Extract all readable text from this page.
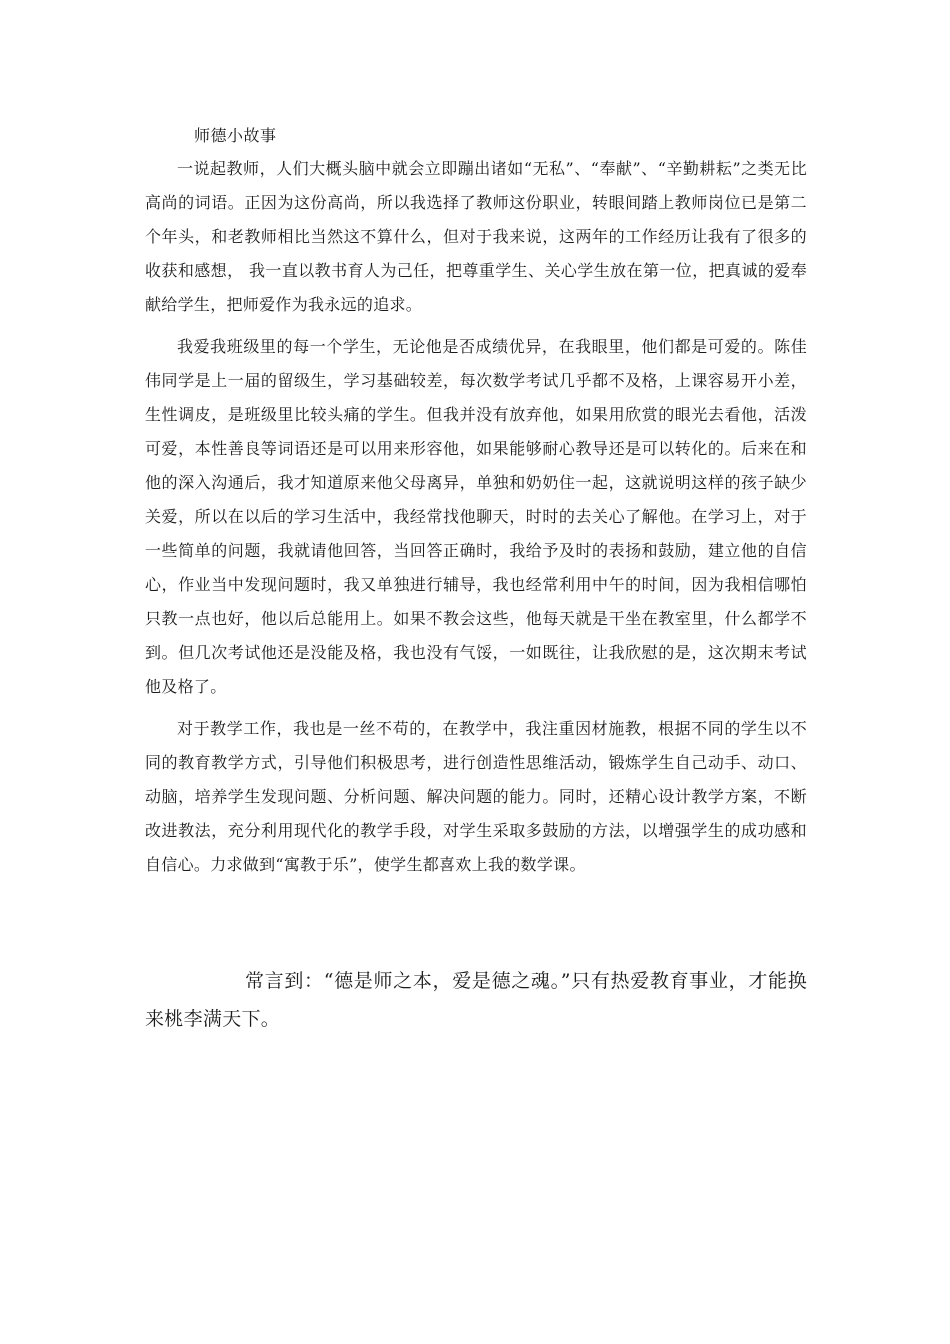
师德小故事

一说起教师，人们大概头脑中就会立即蹦出诸如“无私”、“奉献”、“辛勤耕耘”之类无比高尚的词语。正因为这份高尚，所以我选择了教师这份职业，转眼间踏上教师岗位已是第二个年头，和老教师相比当然这不算什么，但对于我来说，这两年的工作经历让我有了很多的收获和感想， 我一直以教书育人为己任，把尊重学生、关心学生放在第一位，把真诚的爱奉献给学生，把师爱作为我永远的追求。

我爱我班级里的每一个学生，无论他是否成绩优异，在我眼里，他们都是可爱的。陈佳伟同学是上一届的留级生，学习基础较差，每次数学考试几乎都不及格，上课容易开小差，生性调皮，是班级里比较头痛的学生。但我并没有放弃他，如果用欣赏的眼光去看他，活泼可爱，本性善良等词语还是可以用来形容他，如果能够耐心教导还是可以转化的。后来在和他的深入沟通后，我才知道原来他父母离异，单独和奶奶住一起，这就说明这样的孩子缺少关爱，所以在以后的学习生活中，我经常找他聊天，时时的去关心了解他。在学习上，对于一些简单的问题，我就请他回答，当回答正确时，我给予及时的表扬和鼓励，建立他的自信心，作业当中发现问题时，我又单独进行辅导，我也经常利用中午的时间，因为我相信哪怕只教一点也好，他以后总能用上。如果不教会这些，他每天就是干坐在教室里，什么都学不到。但几次考试他还是没能及格，我也没有气馁，一如既往，让我欣慰的是，这次期末考试他及格了。

对于教学工作，我也是一丝不苟的，在教学中，我注重因材施教，根据不同的学生以不同的教育教学方式，引导他们积极思考，进行创造性思维活动，锻炼学生自己动手、动口、动脑，培养学生发现问题、分析问题、解决问题的能力。同时，还精心设计教学方案，不断改进教法，充分利用现代化的教学手段，对学生采取多鼓励的方法，以增强学生的成功感和自信心。力求做到“寓教于乐”，使学生都喜欢上我的数学课。

常言到：“德是师之本，爱是德之魂。”只有热爱教育事业，才能换来桃李满天下。
